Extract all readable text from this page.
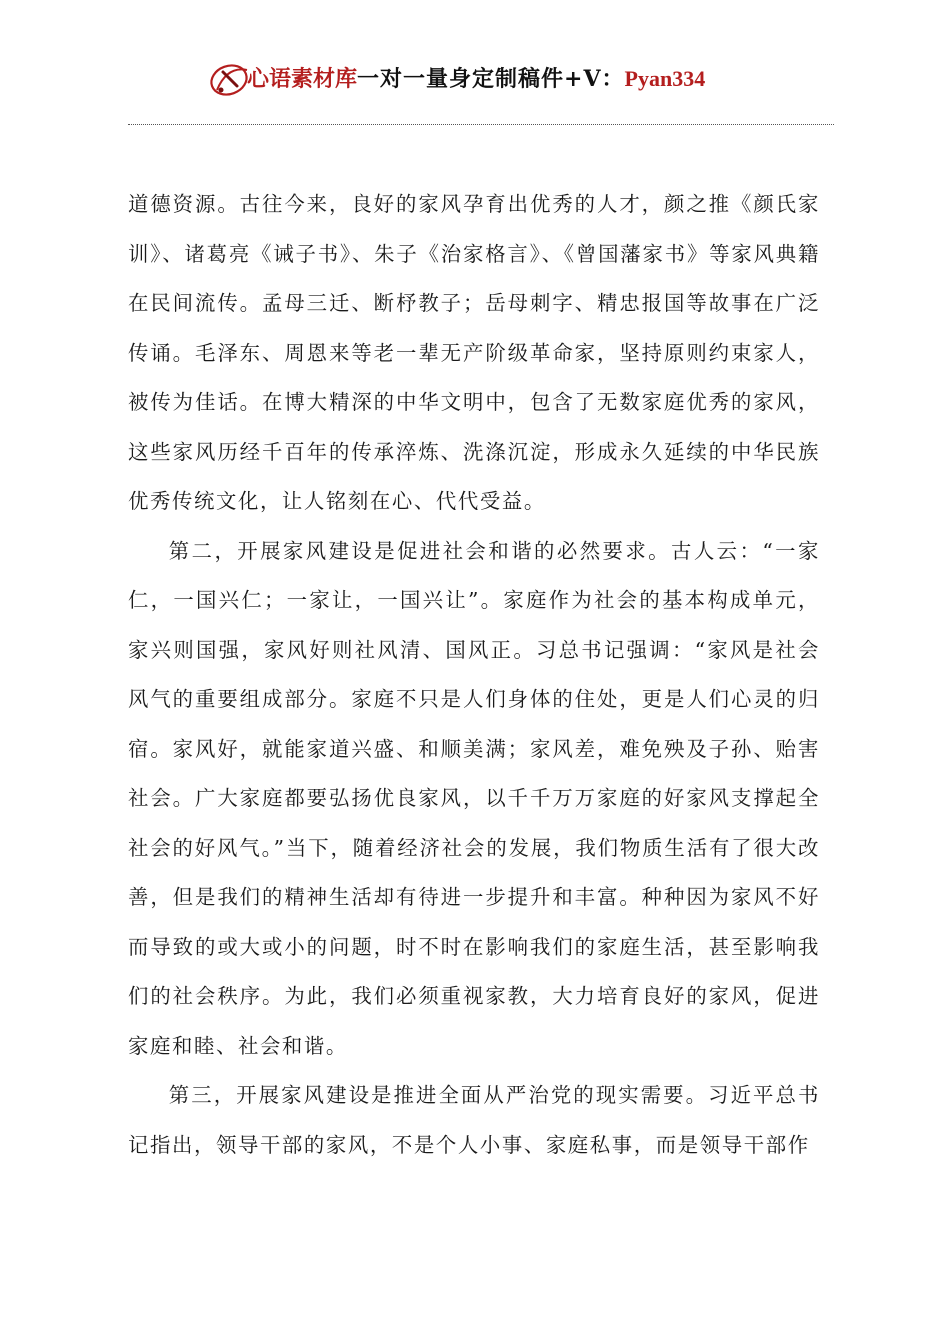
心语素材库一对一量身定制稿件+V：Pyan334

道德资源。古往今来，良好的家风孕育出优秀的人才，颜之推《颜氏家训》、诸葛亮《诫子书》、朱子《治家格言》、《曾国藩家书》等家风典籍在民间流传。孟母三迁、断杼教子；岳母刺字、精忠报国等故事在广泛传诵。毛泽东、周恩来等老一辈无产阶级革命家，坚持原则约束家人，被传为佳话。在博大精深的中华文明中，包含了无数家庭优秀的家风，这些家风历经千百年的传承淬炼、洗涤沉淀，形成永久延续的中华民族优秀传统文化，让人铭刻在心、代代受益。

第二，开展家风建设是促进社会和谐的必然要求。古人云：“一家仁，一国兴仁；一家让，一国兴让”。家庭作为社会的基本构成单元，家兴则国强，家风好则社风清、国风正。习总书记强调：“家风是社会风气的重要组成部分。家庭不只是人们身体的住处，更是人们心灵的归宿。家风好，就能家道兴盛、和顺美满；家风差，难免殃及子孙、贻害社会。广大家庭都要弘扬优良家风，以千千万万家庭的好家风支撑起全社会的好风气。”当下，随着经济社会的发展，我们物质生活有了很大改善，但是我们的精神生活却有待进一步提升和丰富。种种因为家风不好而导致的或大或小的问题，时不时在影响我们的家庭生活，甚至影响我们的社会秩序。为此，我们必须重视家教，大力培育良好的家风，促进家庭和睦、社会和谐。

第三，开展家风建设是推进全面从严治党的现实需要。习近平总书记指出，领导干部的家风，不是个人小事、家庭私事，而是领导干部作
